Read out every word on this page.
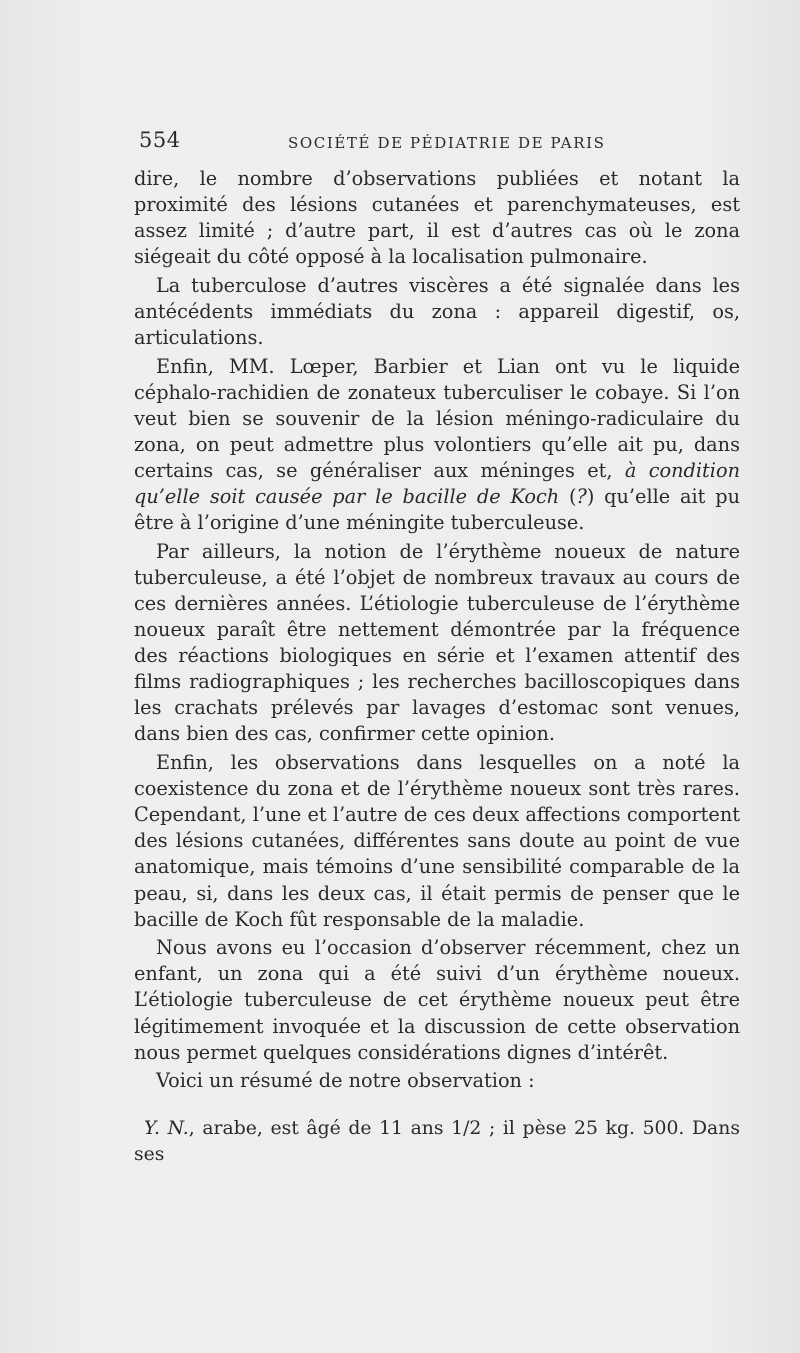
554	SOCIÉTÉ DE PÉDIATRIE DE PARIS

dire, le nombre d’observations publiées et notant la proximité des lésions cutanées et parenchymateuses, est assez limité ; d’autre part, il est d’autres cas où le zona siégeait du côté opposé à la localisation pulmonaire.

La tuberculose d’autres viscères a été signalée dans les antécédents immédiats du zona : appareil digestif, os, articulations.

Enfin, MM. Lœper, Barbier et Lian ont vu le liquide céphalo-rachidien de zonateux tuberculiser le cobaye. Si l’on veut bien se souvenir de la lésion méningo-radiculaire du zona, on peut admettre plus volontiers qu’elle ait pu, dans certains cas, se généraliser aux méninges et, à condition qu’elle soit causée par le bacille de Koch (?) qu’elle ait pu être à l’origine d’une méningite tuberculeuse.

Par ailleurs, la notion de l’érythème noueux de nature tuberculeuse, a été l’objet de nombreux travaux au cours de ces dernières années. L’étiologie tuberculeuse de l’érythème noueux paraît être nettement démontrée par la fréquence des réactions biologiques en série et l’examen attentif des films radiographiques ; les recherches bacilloscopiques dans les crachats prélevés par lavages d’estomac sont venues, dans bien des cas, confirmer cette opinion.

Enfin, les observations dans lesquelles on a noté la coexistence du zona et de l’érythème noueux sont très rares. Cependant, l’une et l’autre de ces deux affections comportent des lésions cutanées, différentes sans doute au point de vue anatomique, mais témoins d’une sensibilité comparable de la peau, si, dans les deux cas, il était permis de penser que le bacille de Koch fût responsable de la maladie.

Nous avons eu l’occasion d’observer récemment, chez un enfant, un zona qui a été suivi d’un érythème noueux. L’étiologie tuberculeuse de cet érythème noueux peut être légitimement invoquée et la discussion de cette observation nous permet quelques considérations dignes d’intérêt.

Voici un résumé de notre observation :

Y. N., arabe, est âgé de 11 ans 1/2 ; il pèse 25 kg. 500. Dans ses
